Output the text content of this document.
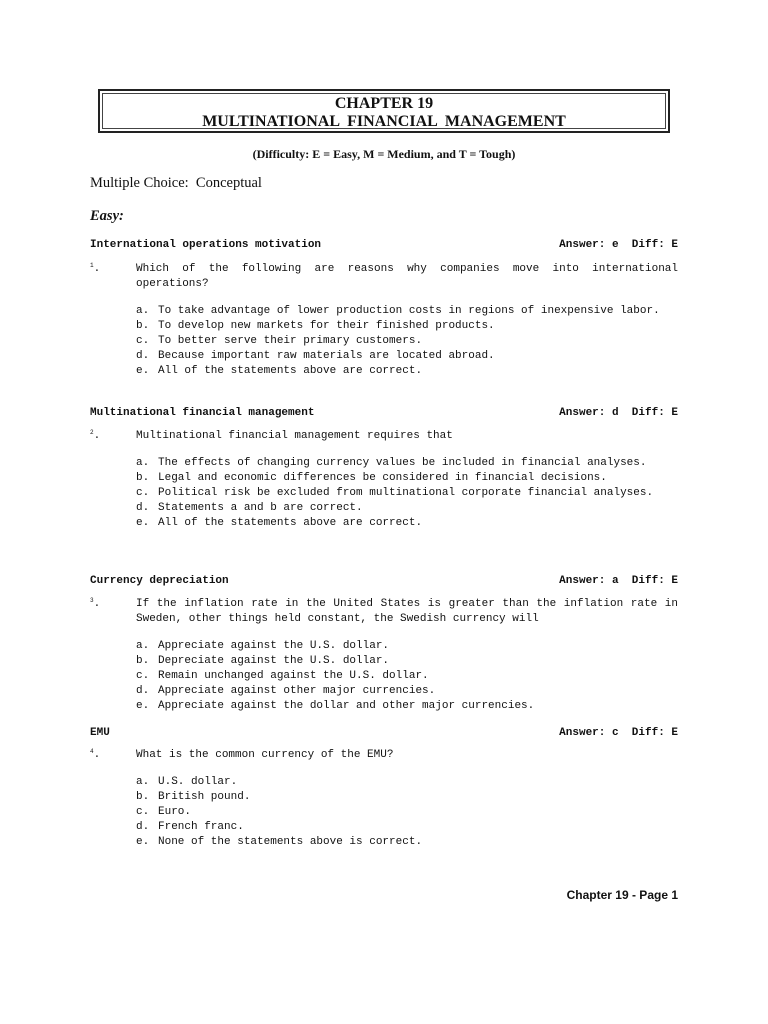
CHAPTER 19
MULTINATIONAL  FINANCIAL  MANAGEMENT
(Difficulty: E = Easy, M = Medium, and T = Tough)
Multiple Choice:  Conceptual
Easy:
International operations motivation	Answer: e  Diff: E
$^1$.	Which of the following are reasons why companies move into international operations?
a. To take advantage of lower production costs in regions of inexpensive labor.
b. To develop new markets for their finished products.
c. To better serve their primary customers.
d. Because important raw materials are located abroad.
e. All of the statements above are correct.
Multinational financial management	Answer: d  Diff: E
$^2$.	Multinational financial management requires that
a. The effects of changing currency values be included in financial analyses.
b. Legal and economic differences be considered in financial decisions.
c. Political risk be excluded from multinational corporate financial analyses.
d. Statements a and b are correct.
e. All of the statements above are correct.
Currency depreciation	Answer: a  Diff: E
$^3$.	If the inflation rate in the United States is greater than the inflation rate in Sweden, other things held constant, the Swedish currency will
a. Appreciate against the U.S. dollar.
b. Depreciate against the U.S. dollar.
c. Remain unchanged against the U.S. dollar.
d. Appreciate against other major currencies.
e. Appreciate against the dollar and other major currencies.
EMU	Answer: c  Diff: E
$^4$.	What is the common currency of the EMU?
a. U.S. dollar.
b. British pound.
c. Euro.
d. French franc.
e. None of the statements above is correct.
Chapter 19 - Page 1
